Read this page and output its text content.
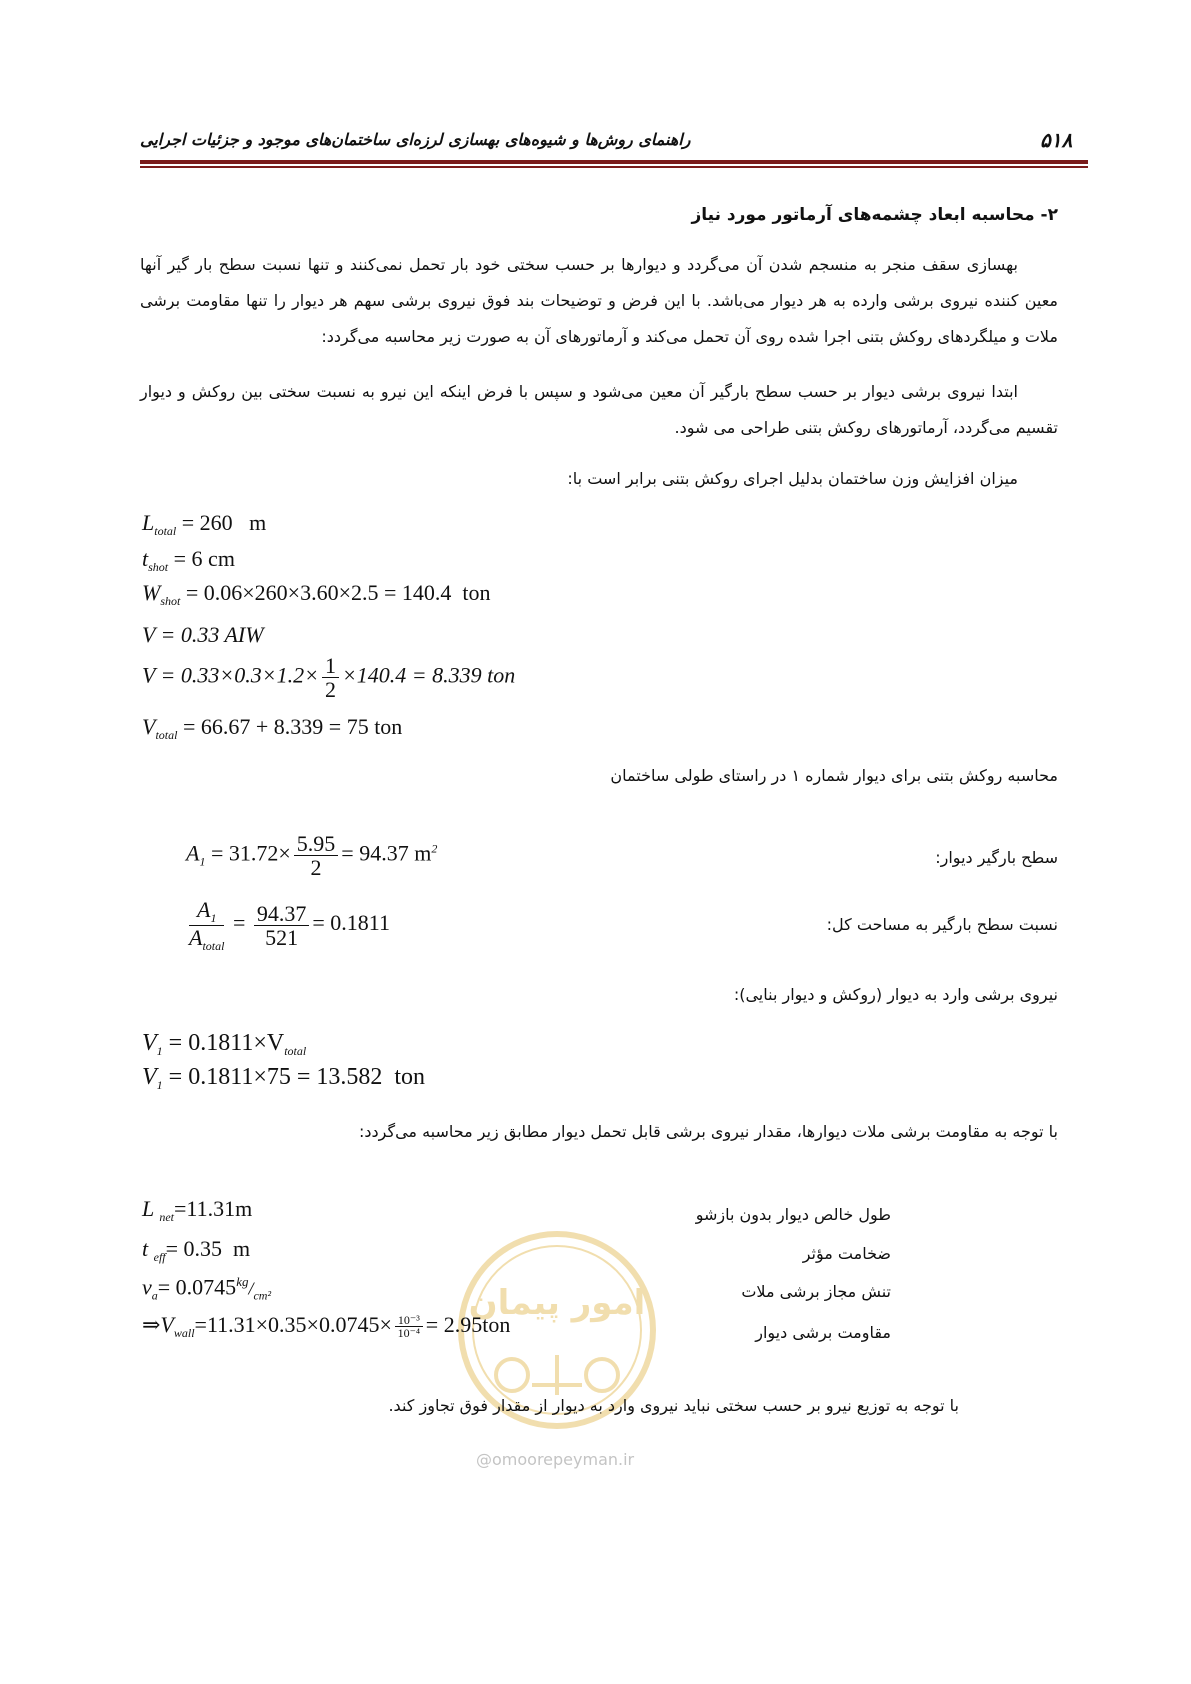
۵۱۸
راهنمای روش‌ها و شیوه‌های بهسازی لرزه‌ای ساختمان‌های موجود و جزئیات اجرایی
۲- محاسبه ابعاد چشمه‌های آرماتور مورد نیاز
بهسازی سقف منجر به منسجم شدن آن می‌گردد و دیوارها بر حسب سختی خود بار تحمل نمی‌کنند و تنها نسبت سطح بار گیر آنها معین کننده نیروی برشی وارده به هر دیوار می‌باشد. با این فرض و توضیحات بند فوق نیروی برشی سهم هر دیوار را تنها مقاومت برشی ملات و میلگردهای روکش بتنی اجرا شده روی آن تحمل می‌کند و آرماتورهای آن به صورت زیر محاسبه می‌گردد:
ابتدا نیروی برشی دیوار بر حسب سطح بارگیر آن معین می‌شود و سپس با فرض اینکه این نیرو به نسبت سختی بین روکش و دیوار تقسیم می‌گردد، آرماتورهای روکش بتنی طراحی می شود.
میزان افزایش وزن ساختمان بدلیل اجرای روکش بتنی برابر است با:
$L_{total} = 260$   m
$t_{shot} = 6$ cm
$W_{shot} = 0.06\times 260\times 3.60\times 2.5 = 140.4$  ton
V = 0.33 AIW
$V = 0.33\times 0.3\times 1.2\times \frac{1}{2} \times 140.4 = 8.339$ ton
$V_{total} = 66.67 + 8.339 = 75$ ton
محاسبه روکش بتنی برای دیوار شماره ۱ در راستای طولی ساختمان
$A_1 = 31.72\times \frac{5.95}{2} = 94.37$ $m^2$	سطح بارگیر دیوار:
$\frac{A_1}{A_{total}} = \frac{94.37}{521} = 0.1811$	نسبت سطح بارگیر به مساحت کل:
نیروی برشی وارد به دیوار (روکش و دیوار بنایی):
$V_1 = 0.1811\times V_{total}$
$V_1 = 0.1811\times 75 = 13.582$  ton
با توجه به مقاومت برشی ملات دیوارها، مقدار نیروی برشی قابل تحمل دیوار مطابق زیر محاسبه می‌گردد:
امور پیمان
L $_{net}$=11.31m	طول خالص دیوار بدون بازشو
t $_{eff}$= 0.35  m	ضخامت مؤثر
$v_a= 0.0745^{kg}/_{cm^2}$	تنش مجاز برشی ملات
$\Rightarrow V_{wall}=11.31\times 0.35\times 0.0745\times \frac{\text{10⁻³}}{\text{10⁻⁴}} = 2.95ton$	مقاومت برشی دیوار
با توجه به توزیع نیرو بر حسب سختی نباید نیروی وارد به دیوار از مقدار فوق تجاوز کند.
@omoorepeyman.ir
